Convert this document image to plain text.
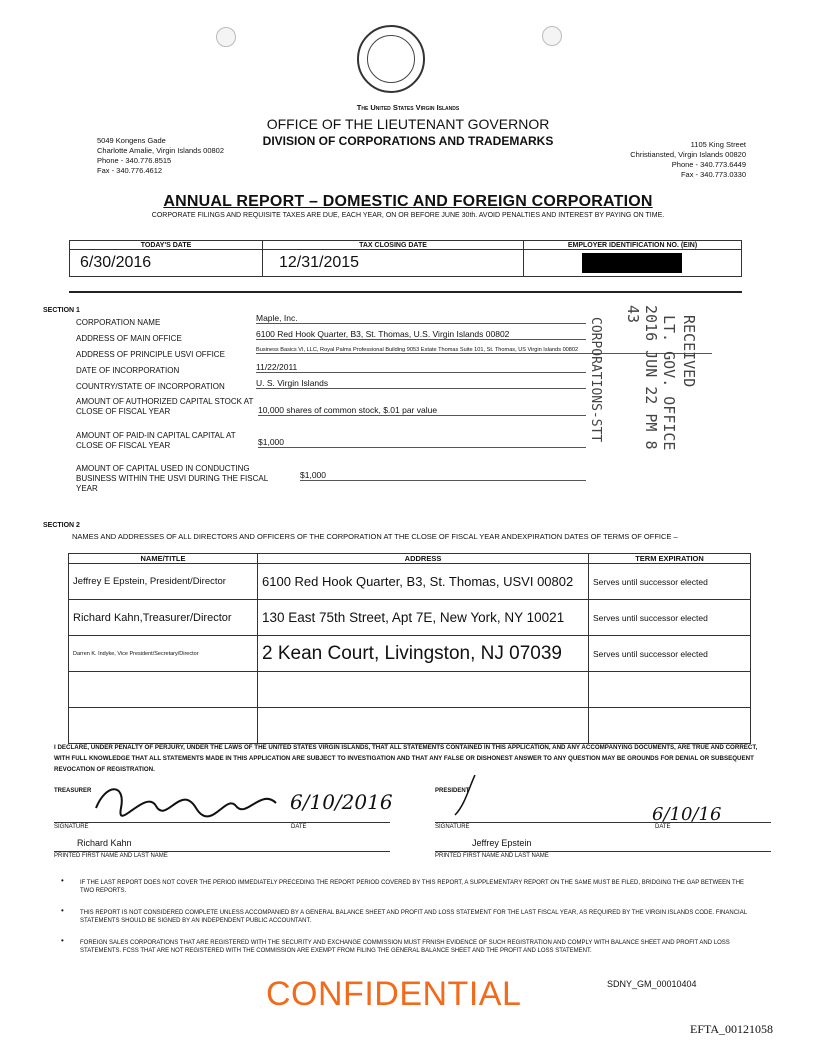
The United States Virgin Islands
OFFICE OF THE LIEUTENANT GOVERNOR
DIVISION OF CORPORATIONS AND TRADEMARKS
5049 Kongens Gade
Charlotte Amalie, Virgin Islands 00802
Phone - 340.776.8515
Fax - 340.776.4612
1105 King Street
Christiansted, Virgin Islands 00820
Phone - 340.773.6449
Fax - 340.773.0330
ANNUAL REPORT – DOMESTIC AND FOREIGN CORPORATION
CORPORATE FILINGS AND REQUISITE TAXES ARE DUE, EACH YEAR, ON OR BEFORE JUNE 30th. AVOID PENALTIES AND INTEREST BY PAYING ON TIME.
TODAY'S DATE	TAX CLOSING DATE	EMPLOYER IDENTIFICATION NO. (EIN)
6/30/2016	12/31/2015	
SECTION 1
CORPORATION NAME	Maple, Inc.
ADDRESS OF MAIN OFFICE	6100 Red Hook Quarter, B3, St. Thomas, U.S. Virgin Islands 00802
ADDRESS OF PRINCIPLE USVI OFFICE	Business Basics VI, LLC, Royal Palms Professional Building 9053 Estate Thomas Suite 101, St. Thomas, US Virgin Islands 00802
DATE OF INCORPORATION	11/22/2011
COUNTRY/STATE OF INCORPORATION	U. S. Virgin Islands
AMOUNT OF AUTHORIZED CAPITAL STOCK AT CLOSE OF FISCAL YEAR	10,000 shares of common stock, $.01 par value
AMOUNT OF PAID-IN CAPITAL CAPITAL AT CLOSE OF FISCAL YEAR	$1,000
AMOUNT OF CAPITAL USED IN CONDUCTING BUSINESS WITHIN THE USVI DURING THE FISCAL YEAR
$1,000
2016 JUN 22 PM 8 43
RECEIVED
LT. GOV. OFFICE
CORPORATIONS-STT
SECTION 2
NAMES AND ADDRESSES OF ALL DIRECTORS AND OFFICERS OF THE CORPORATION AT THE CLOSE OF FISCAL YEAR ANDEXPIRATION DATES OF TERMS OF OFFICE –
NAME/TITLE	ADDRESS	TERM EXPIRATION
Jeffrey E Epstein, President/Director	6100 Red Hook Quarter, B3, St. Thomas, USVI 00802	Serves until successor elected
Richard Kahn,Treasurer/Director	130 East 75th Street, Apt 7E, New York, NY 10021	Serves until successor elected
Darren K. Indyke, Vice President/Secretary/Director	2 Kean Court, Livingston, NJ 07039	Serves until successor elected

I DECLARE, UNDER PENALTY OF PERJURY, UNDER THE LAWS OF THE UNITED STATES VIRGIN ISLANDS, THAT ALL STATEMENTS CONTAINED IN THIS APPLICATION, AND ANY ACCOMPANYING DOCUMENTS, ARE TRUE AND CORRECT, WITH FULL KNOWLEDGE THAT ALL STATEMENTS MADE IN THIS APPLICATION ARE SUBJECT TO INVESTIGATION AND THAT ANY FALSE OR DISHONEST ANSWER TO ANY QUESTION MAY BE GROUNDS FOR DENIAL OR SUBSEQUENT REVOCATION OF REGISTRATION.
TREASURER	6/10/2016
SIGNATURE	DATE
Richard Kahn
PRINTED FIRST NAME AND LAST NAME
PRESIDENT
6/10/16
SIGNATURE	DATE
Jeffrey Epstein
PRINTED FIRST NAME AND LAST NAME
•	IF THE LAST REPORT DOES NOT COVER THE PERIOD IMMEDIATELY PRECEDING THE REPORT PERIOD COVERED BY THIS REPORT, A SUPPLEMENTARY REPORT ON THE SAME MUST BE FILED, BRIDGING THE GAP BETWEEN THE TWO REPORTS.
•	THIS REPORT IS NOT CONSIDERED COMPLETE UNLESS ACCOMPANIED BY A GENERAL BALANCE SHEET AND PROFIT AND LOSS STATEMENT FOR THE LAST FISCAL YEAR, AS REQUIRED BY THE VIRGIN ISLANDS CODE. FINANCIAL STATEMENTS SHOULD BE SIGNED BY AN INDEPENDENT PUBLIC ACCOUNTANT.
•	FOREIGN SALES CORPORATIONS THAT ARE REGISTERED WITH THE SECURITY AND EXCHANGE COMMISSION MUST FRNISH EVIDENCE OF SUCH REGISTRATION AND COMPLY WITH BALANCE SHEET AND PROFIT AND LOSS STATEMENTS. FCSS THAT ARE NOT REGISTERED WITH THE COMMISSION ARE EXEMPT FROM FILING THE GENERAL BALANCE SHEET AND THE PROFIT AND LOSS STATEMENT.
CONFIDENTIAL	SDNY_GM_00010404
EFTA_00121058
